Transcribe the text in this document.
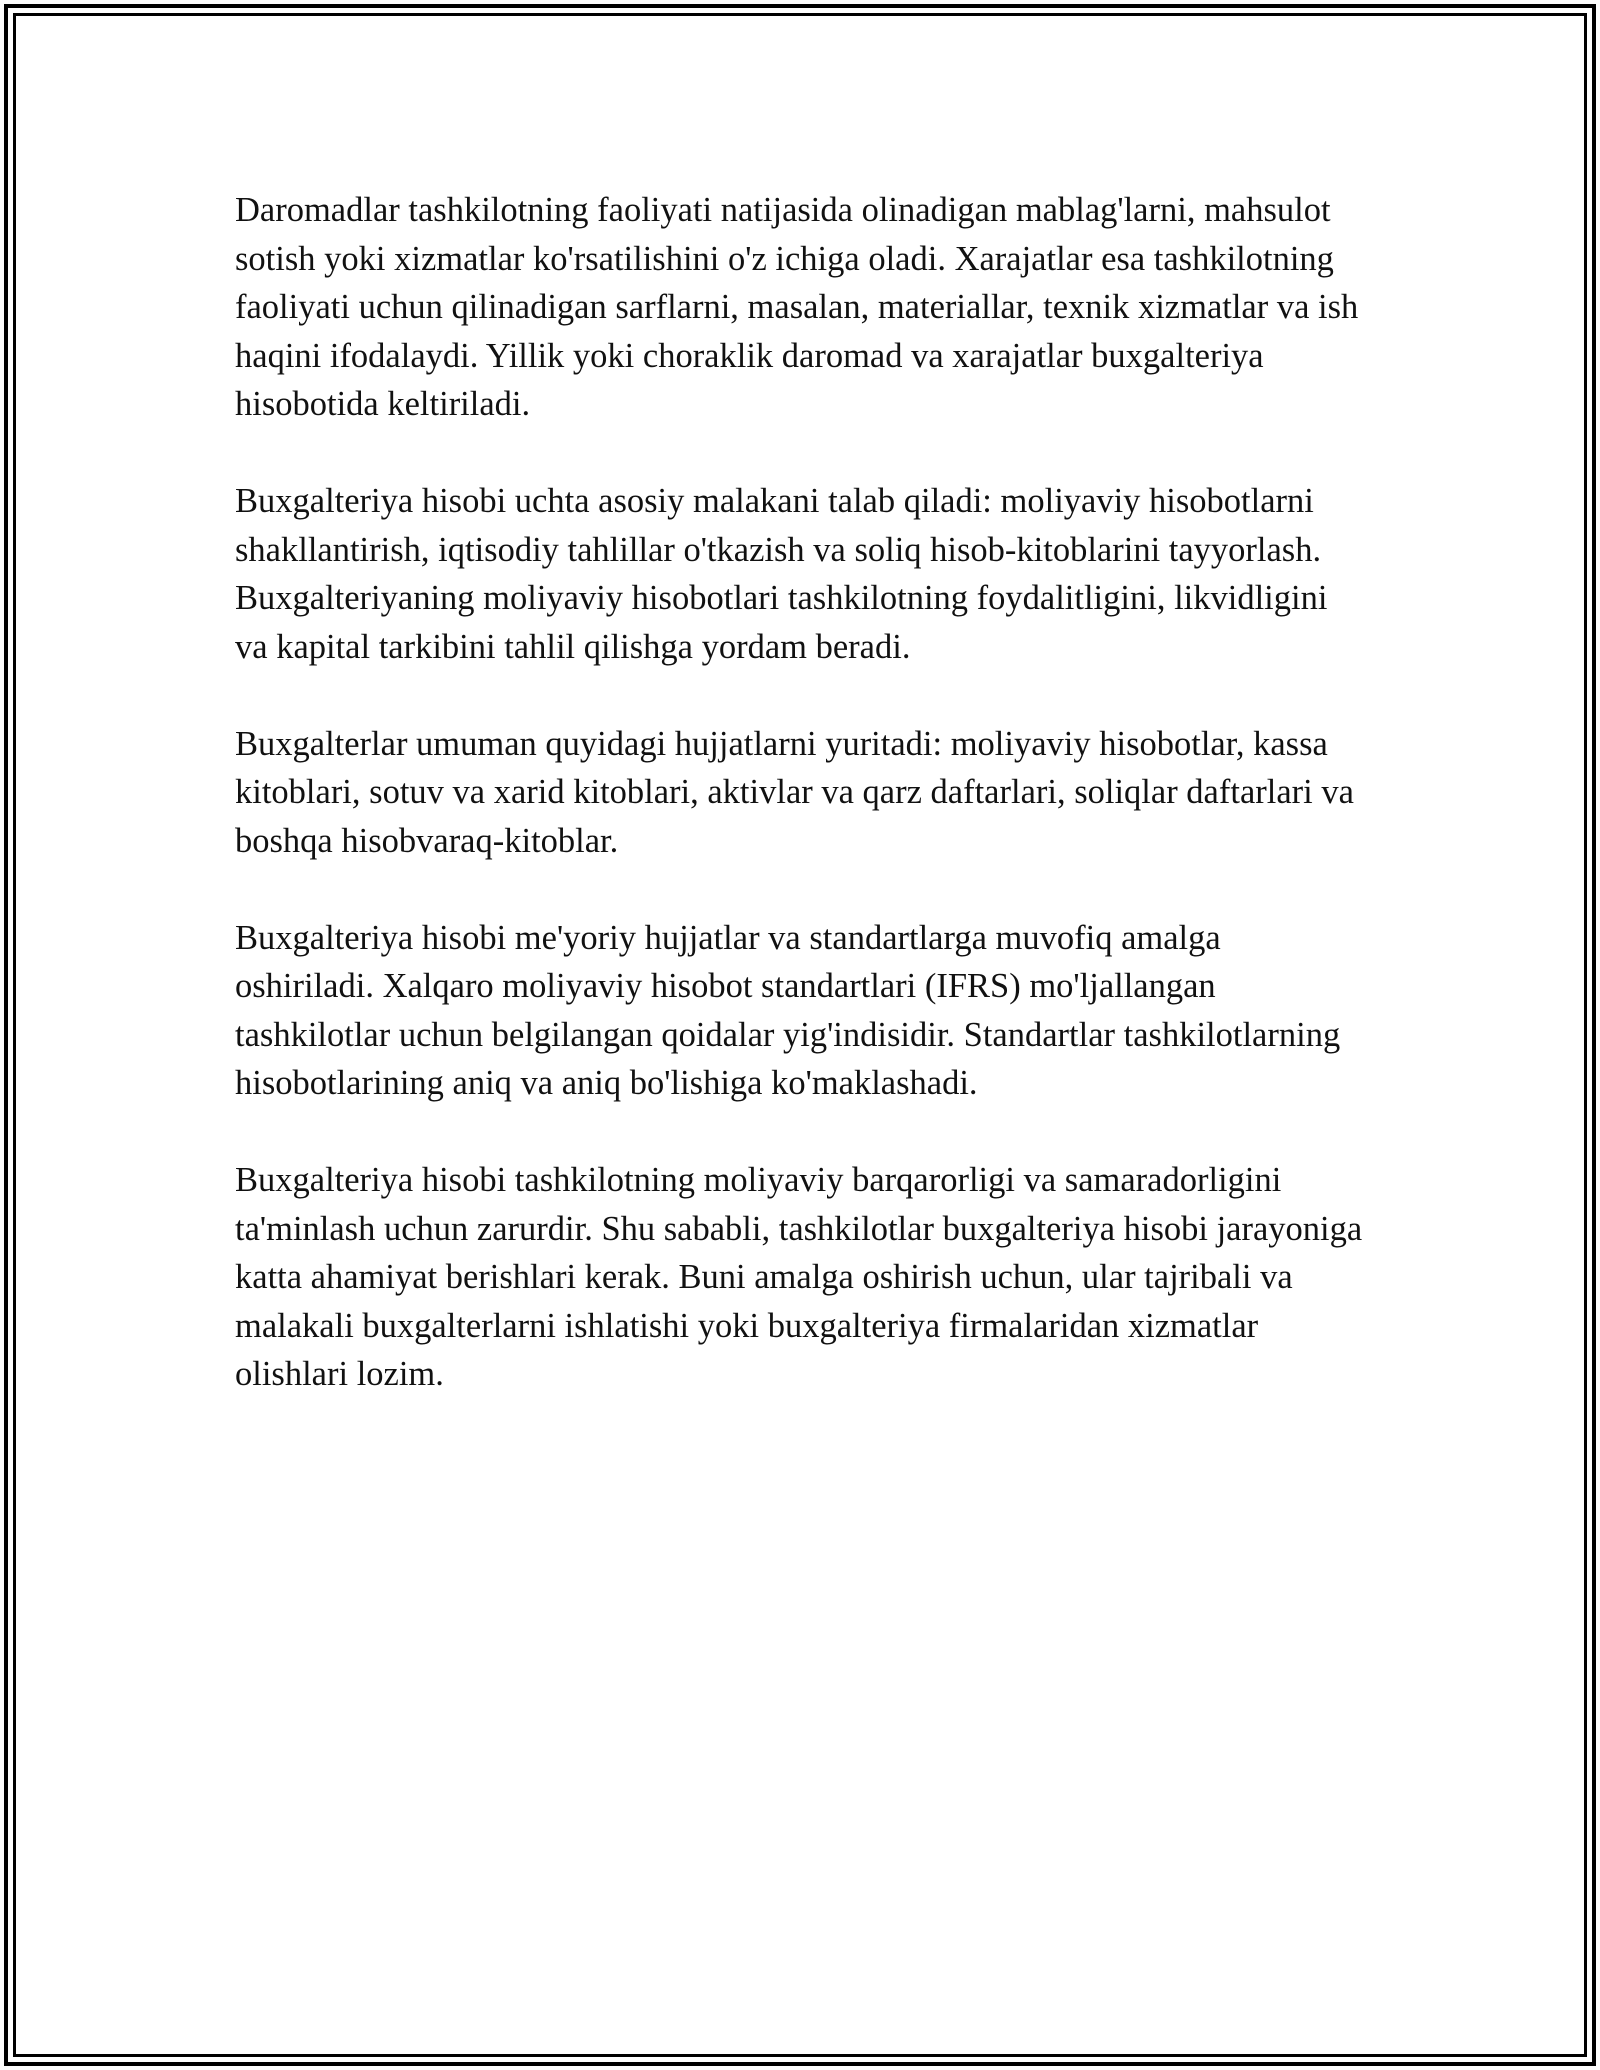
Daromadlar tashkilotning faoliyati natijasida olinadigan mablag'larni, mahsulot sotish yoki xizmatlar ko'rsatilishini o'z ichiga oladi. Xarajatlar esa tashkilotning faoliyati uchun qilinadigan sarflarni, masalan, materiallar, texnik xizmatlar va ish haqini ifodalaydi. Yillik yoki choraklik daromad va xarajatlar buxgalteriya hisobotida keltiriladi.

Buxgalteriya hisobi uchta asosiy malakani talab qiladi: moliyaviy hisobotlarni shakllantirish, iqtisodiy tahlillar o'tkazish va soliq hisob-kitoblarini tayyorlash. Buxgalteriyaning moliyaviy hisobotlari tashkilotning foydalitligini, likvidligini va kapital tarkibini tahlil qilishga yordam beradi.

Buxgalterlar umuman quyidagi hujjatlarni yuritadi: moliyaviy hisobotlar, kassa kitoblari, sotuv va xarid kitoblari, aktivlar va qarz daftarlari, soliqlar daftarlari va boshqa hisobvaraq-kitoblar.

Buxgalteriya hisobi me'yoriy hujjatlar va standartlarga muvofiq amalga oshiriladi. Xalqaro moliyaviy hisobot standartlari (IFRS) mo'ljallangan tashkilotlar uchun belgilangan qoidalar yig'indisidir. Standartlar tashkilotlarning hisobotlarining aniq va aniq bo'lishiga ko'maklashadi.

Buxgalteriya hisobi tashkilotning moliyaviy barqarorligi va samaradorligini ta'minlash uchun zarurdir. Shu sababli, tashkilotlar buxgalteriya hisobi jarayoniga katta ahamiyat berishlari kerak. Buni amalga oshirish uchun, ular tajribali va malakali buxgalterlarni ishlatishi yoki buxgalteriya firmalaridan xizmatlar olishlari lozim.
